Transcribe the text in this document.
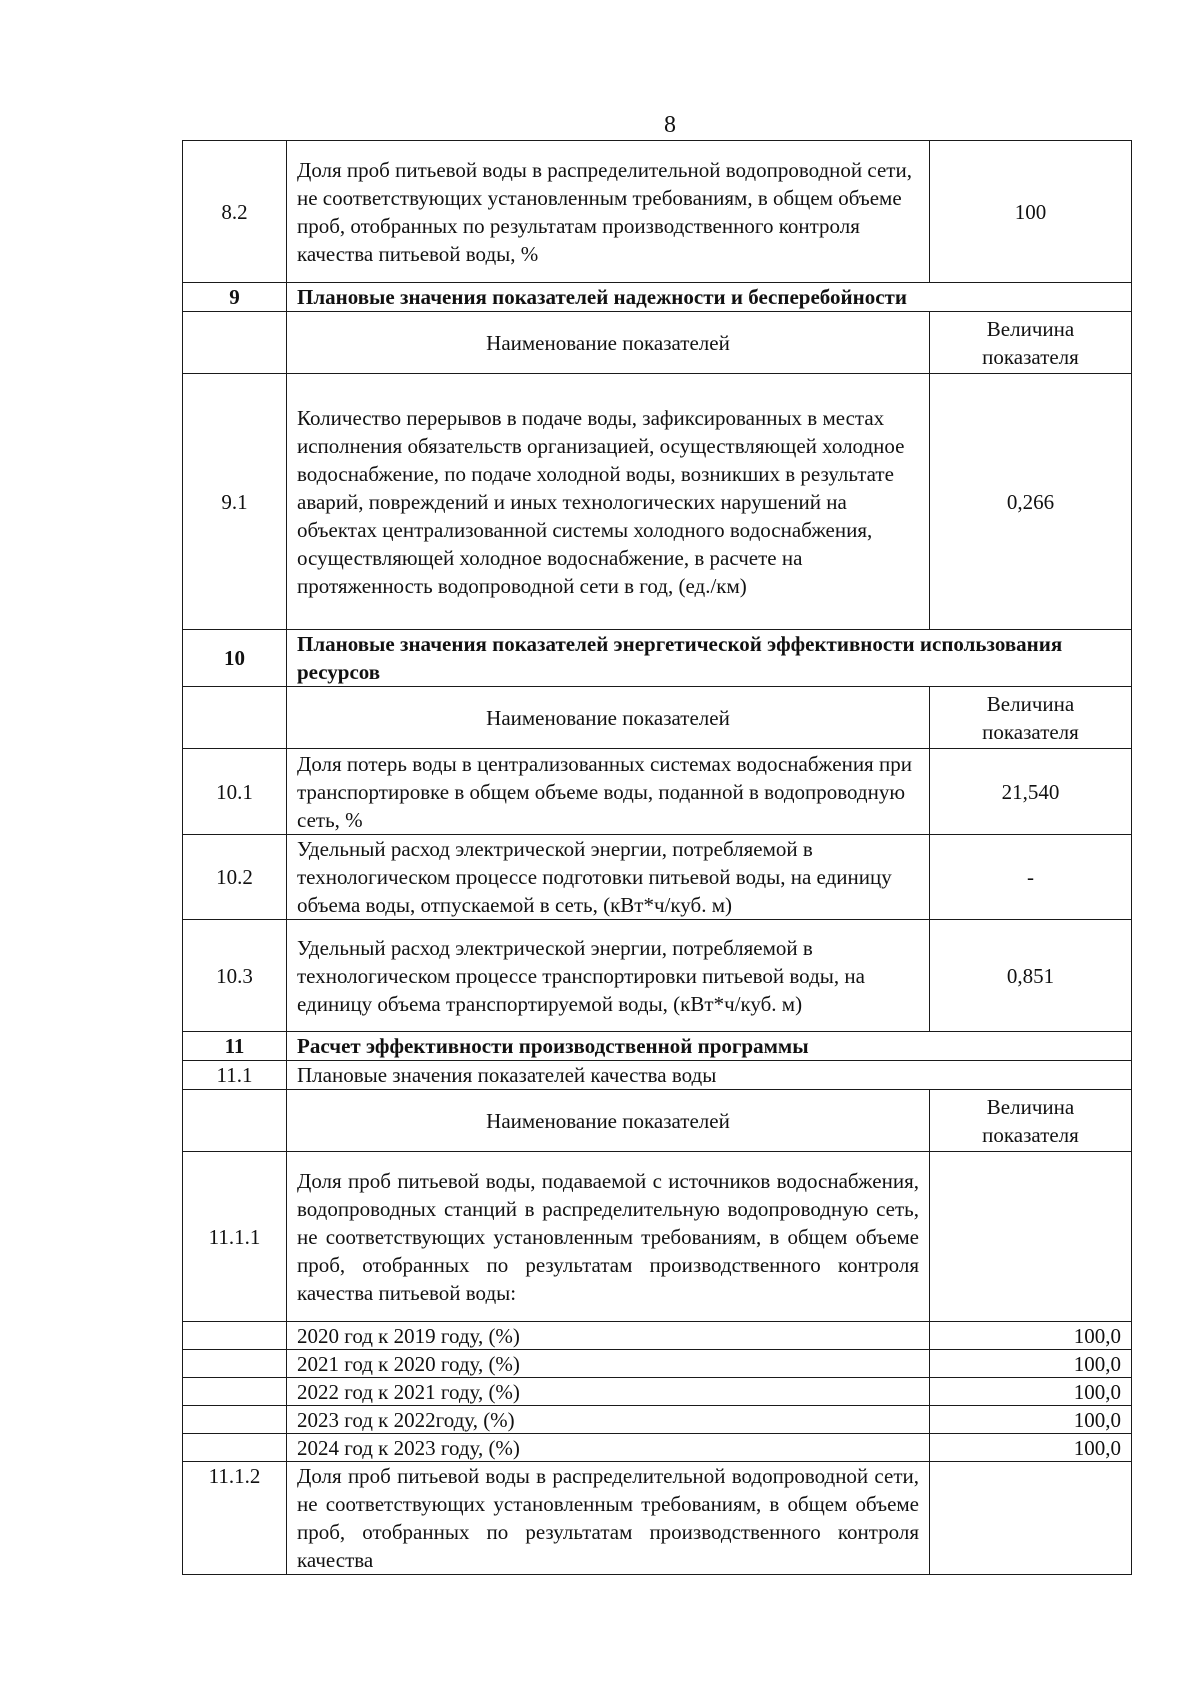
8
8.2	Доля проб питьевой воды в распределительной водопроводной сети, не соответствующих установленным требованиям, в общем объеме проб, отобранных по результатам производственного контроля качества питьевой воды, %	100
9	Плановые значения показателей надежности и бесперебойности	
	Наименование показателей	Величина
показателя
9.1	Количество перерывов в подаче воды, зафиксированных в местах исполнения обязательств организацией, осуществляющей холодное водоснабжение, по подаче холодной воды, возникших в результате аварий, повреждений и иных технологических нарушений на объектах централизованной системы холодного водоснабжения, осуществляющей холодное водоснабжение, в расчете на протяженность водопроводной сети в год, (ед./км)	0,266
10	Плановые значения показателей энергетической эффективности использования ресурсов	
	Наименование показателей	Величина
показателя
10.1	Доля потерь воды в централизованных системах водоснабжения при транспортировке в общем объеме воды, поданной в водопроводную сеть, %	21,540
10.2	Удельный расход электрической энергии, потребляемой в технологическом процессе подготовки питьевой воды, на единицу объема воды, отпускаемой в сеть, (кВт*ч/куб. м)	-
10.3	Удельный расход электрической энергии, потребляемой в технологическом процессе транспортировки питьевой воды, на единицу объема транспортируемой воды, (кВт*ч/куб. м)	0,851
11	Расчет эффективности производственной программы	
11.1	Плановые значения показателей качества воды	
	Наименование показателей	Величина
показателя
11.1.1	Доля проб питьевой воды, подаваемой с источников водоснабжения, водопроводных станций в распределительную водопроводную сеть, не соответствующих установленным требованиям, в общем объеме проб, отобранных по результатам производственного контроля качества питьевой воды:	
	2020 год к 2019 году, (%)	100,0
	2021 год к 2020 году, (%)	100,0
	2022 год к 2021 году, (%)	100,0
	2023 год к 2022году, (%)	100,0
	2024 год к 2023 году, (%)	100,0
11.1.2	Доля проб питьевой воды в распределительной водопроводной сети, не соответствующих установленным требованиям, в общем объеме проб, отобранных по результатам производственного контроля качества	
